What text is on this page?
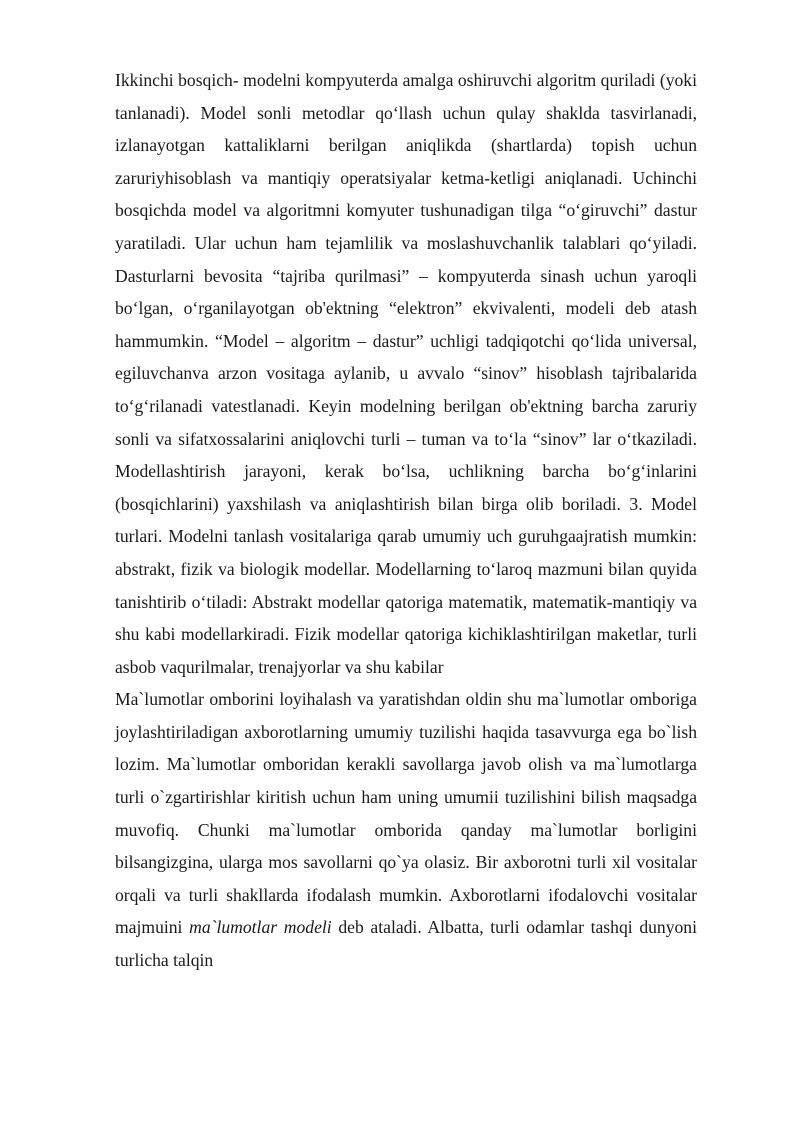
Ikkinchi bosqich- modelni kompyuterda amalga oshiruvchi algoritm quriladi (yoki tanlanadi). Model sonli metodlar qo‘llash uchun qulay shaklda tasvirlanadi, izlanayotgan kattaliklarni berilgan aniqlikda (shartlarda) topish uchun zaruriyhisoblash va mantiqiy operatsiyalar ketma-ketligi aniqlanadi. Uchinchi bosqichda model va algoritmni komyuter tushunadigan tilga “o‘giruvchi” dastur yaratiladi. Ular uchun ham tejamlilik va moslashuvchanlik talablari qo‘yiladi. Dasturlarni bevosita “tajriba qurilmasi” – kompyuterda sinash uchun yaroqli bo‘lgan, o‘rganilayotgan ob'ektning “elektron” ekvivalenti, modeli deb atash hammumkin. “Model – algoritm – dastur” uchligi tadqiqotchi qo‘lida universal, egiluvchanva arzon vositaga aylanib, u avvalo “sinov” hisoblash tajribalarida to‘g‘rilanadi vatestlanadi. Keyin modelning berilgan ob'ektning barcha zaruriy sonli va sifatxossalarini aniqlovchi turli – tuman va to‘la “sinov” lar o‘tkaziladi. Modellashtirish jarayoni, kerak bo‘lsa, uchlikning barcha bo‘g‘inlarini (bosqichlarini) yaxshilash va aniqlashtirish bilan birga olib boriladi. 3. Model turlari. Modelni tanlash vositalariga qarab umumiy uch guruhgaajratish mumkin: abstrakt, fizik va biologik modellar. Modellarning to‘laroq mazmuni bilan quyida tanishtirib o‘tiladi: Abstrakt modellar qatoriga matematik, matematik-mantiqiy va shu kabi modellarkiradi. Fizik modellar qatoriga kichiklashtirilgan maketlar, turli asbob vaqurilmalar, trenajyorlar va shu kabilar

Ma`lumotlar omborini loyihalash va yaratishdan oldin shu ma`lumotlar omboriga joylashtiriladigan axborotlarning umumiy tuzilishi haqida tasavvurga ega bo`lish lozim. Ma`lumotlar omboridan kerakli savollarga javob olish va ma`lumotlarga turli o`zgartirishlar kiritish uchun ham uning umumii tuzilishini bilish maqsadga muvofiq. Chunki ma`lumotlar omborida qanday ma`lumotlar borligini bilsangizgina, ularga mos savollarni qo`ya olasiz. Bir axborotni turli xil vositalar orqali va turli shakllarda ifodalash mumkin. Axborotlarni ifodalovchi vositalar majmuini ma`lumotlar modeli deb ataladi. Albatta, turli odamlar tashqi dunyoni turlicha talqin
